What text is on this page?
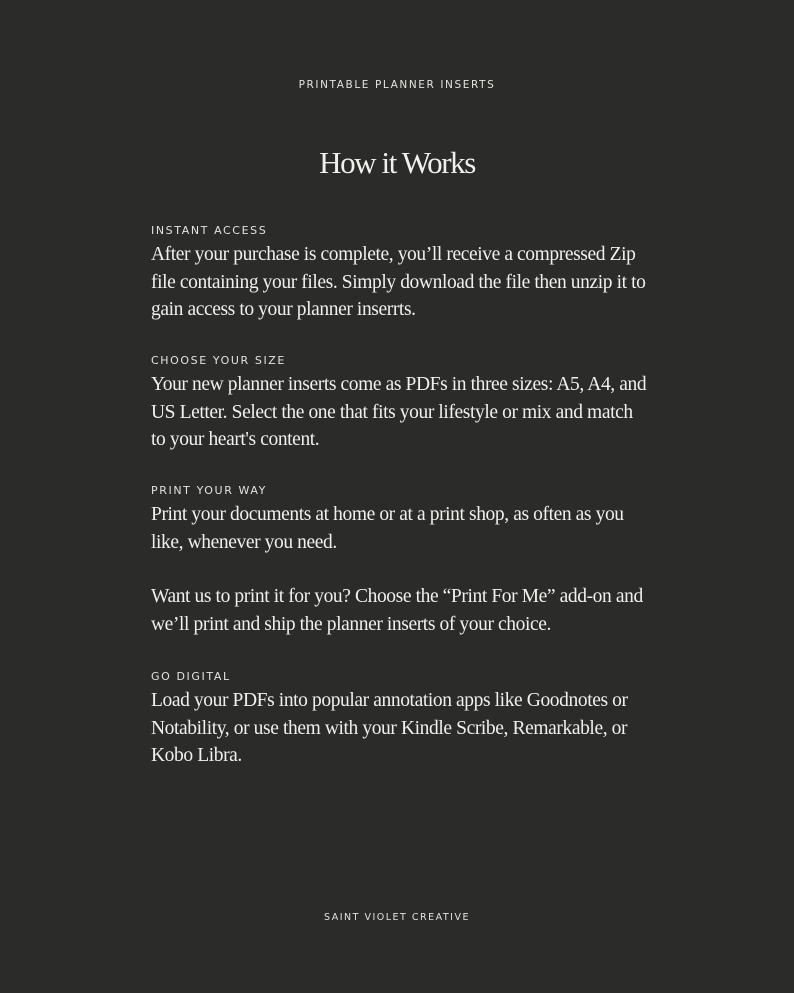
PRINTABLE PLANNER INSERTS
How it Works

INSTANT ACCESS

After your purchase is complete, you’ll receive a compressed Zip file containing your files. Simply download the file then unzip it to gain access to your planner inserrts.

CHOOSE YOUR SIZE

Your new planner inserts come as PDFs in three sizes: A5, A4, and US Letter. Select the one that fits your lifestyle or mix and match to your heart's content.

PRINT YOUR WAY

Print your documents at home or at a print shop, as often as you like, whenever you need.

Want us to print it for you? Choose the “Print For Me” add-on and we’ll print and ship the planner inserts of your choice.

GO DIGITAL

Load your PDFs into popular annotation apps like Goodnotes or Notability, or use them with your Kindle Scribe, Remarkable, or Kobo Libra.

SAINT VIOLET CREATIVE
